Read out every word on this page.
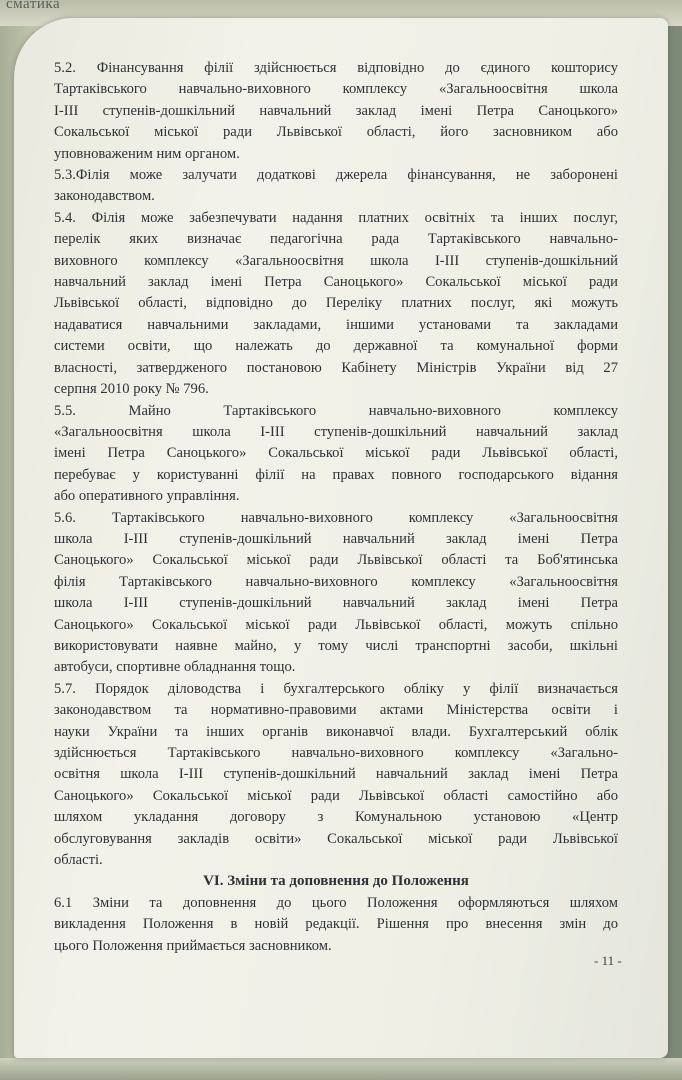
сматика

5.2. Фінансування філії здійснюється відповідно до єдиного кошторису

Тартаківського навчально-виховного комплексу «Загальноосвітня школа

І-ІІІ ступенів-дошкільний навчальний заклад імені Петра Саноцького»

Сокальської міської ради Львівської області, його засновником або

уповноваженим ним органом.

5.3.Філія може залучати додаткові джерела фінансування, не заборонені

законодавством.

5.4. Філія може забезпечувати надання платних освітніх та інших послуг,

перелік яких визначає педагогічна рада Тартаківського навчально-

виховного комплексу «Загальноосвітня школа І-ІІІ ступенів-дошкільний

навчальний заклад імені Петра Саноцького» Сокальської міської ради

Львівської області, відповідно до Переліку платних послуг, які можуть

надаватися навчальними закладами, іншими установами та закладами

системи освіти, що належать до державної та комунальної форми

власності, затвердженого постановою Кабінету Міністрів України від 27

серпня 2010 року № 796.

5.5. Майно Тартаківського навчально-виховного комплексу

«Загальноосвітня школа І-ІІІ ступенів-дошкільний навчальний заклад

імені Петра Саноцького» Сокальської міської ради Львівської області,

перебуває у користуванні філії на правах повного господарського відання

або оперативного управління.

5.6. Тартаківського навчально-виховного комплексу «Загальноосвітня

школа І-ІІІ ступенів-дошкільний навчальний заклад імені Петра

Саноцького» Сокальської міської ради Львівської області та Боб'ятинська

філія Тартаківського навчально-виховного комплексу «Загальноосвітня

школа І-ІІІ ступенів-дошкільний навчальний заклад імені Петра

Саноцького» Сокальської міської ради Львівської області, можуть спільно

використовувати наявне майно, у тому числі транспортні засоби, шкільні

автобуси, спортивне обладнання тощо.

5.7. Порядок діловодства і бухгалтерського обліку у філії визначається

законодавством та нормативно-правовими актами Міністерства освіти і

науки України та інших органів виконавчої влади. Бухгалтерський облік

здійснюється Тартаківського навчально-виховного комплексу «Загально-

освітня школа І-ІІІ ступенів-дошкільний навчальний заклад імені Петра

Саноцького» Сокальської міської ради Львівської області самостійно або

шляхом укладання договору з Комунальною установою «Центр

обслуговування закладів освіти» Сокальської міської ради Львівської

області.

VI. Зміни та доповнення до Положення

6.1 Зміни та доповнення до цього Положення оформляються шляхом

викладення Положення в новій редакції. Рішення про внесення змін до

цього Положення приймається засновником.

- 11 -
